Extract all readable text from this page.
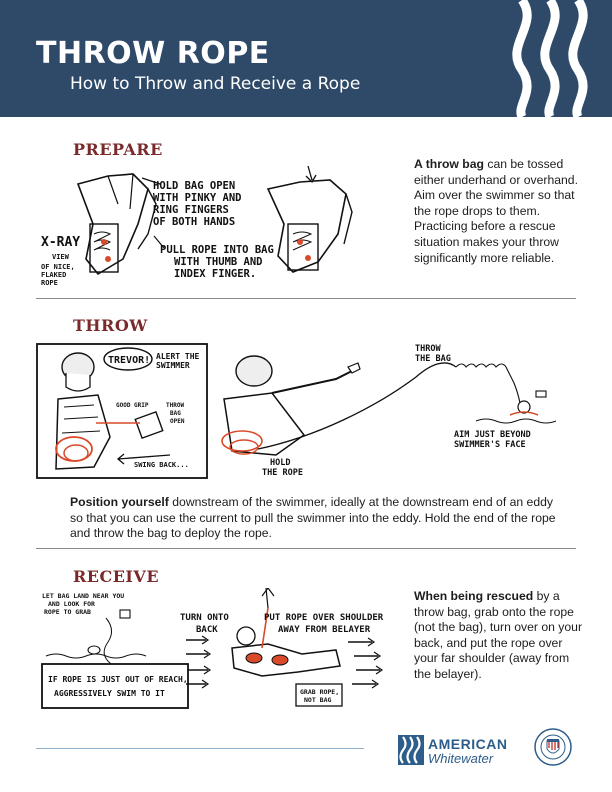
THROW ROPE
How to Throw and Receive a Rope
PREPARE
HOLD BAG OPEN
WITH PINKY AND
RING FINGERS
OF BOTH HANDS
PULL ROPE INTO BAG
WITH THUMB AND
INDEX FINGER.
X-RAY
VIEW
OF NICE,
FLAKED
ROPE
A throw bag can be tossed either underhand or overhand. Aim over the swimmer so that the rope drops to them. Practicing before a rescue situation makes your throw significantly more reliable.
THROW
TREVOR! ALERT THE
SWIMMER
GOOD GRIP	THROW
BAG
OPEN
SWING BACK...
THROW
THE BAG
HOLD
THE ROPE
AIM JUST BEYOND
SWIMMER'S FACE
Position yourself downstream of the swimmer, ideally at the downstream end of an eddy so that you can use the current to pull the swimmer into the eddy. Hold the end of the rope and throw the bag to deploy the rope.
RECEIVE
LET BAG LAND NEAR YOU
AND LOOK FOR
ROPE TO GRAB
TURN ONTO
BACK
PUT ROPE OVER SHOULDER
AWAY FROM BELAYER
GRAB ROPE,
NOT BAG
IF ROPE IS JUST OUT OF REACH,
AGGRESSIVELY SWIM TO IT
When being rescued by a throw bag, grab onto the rope (not the bag), turn over on your back, and put the rope over your far shoulder (away from the belayer).
AMERICAN
Whitewater
